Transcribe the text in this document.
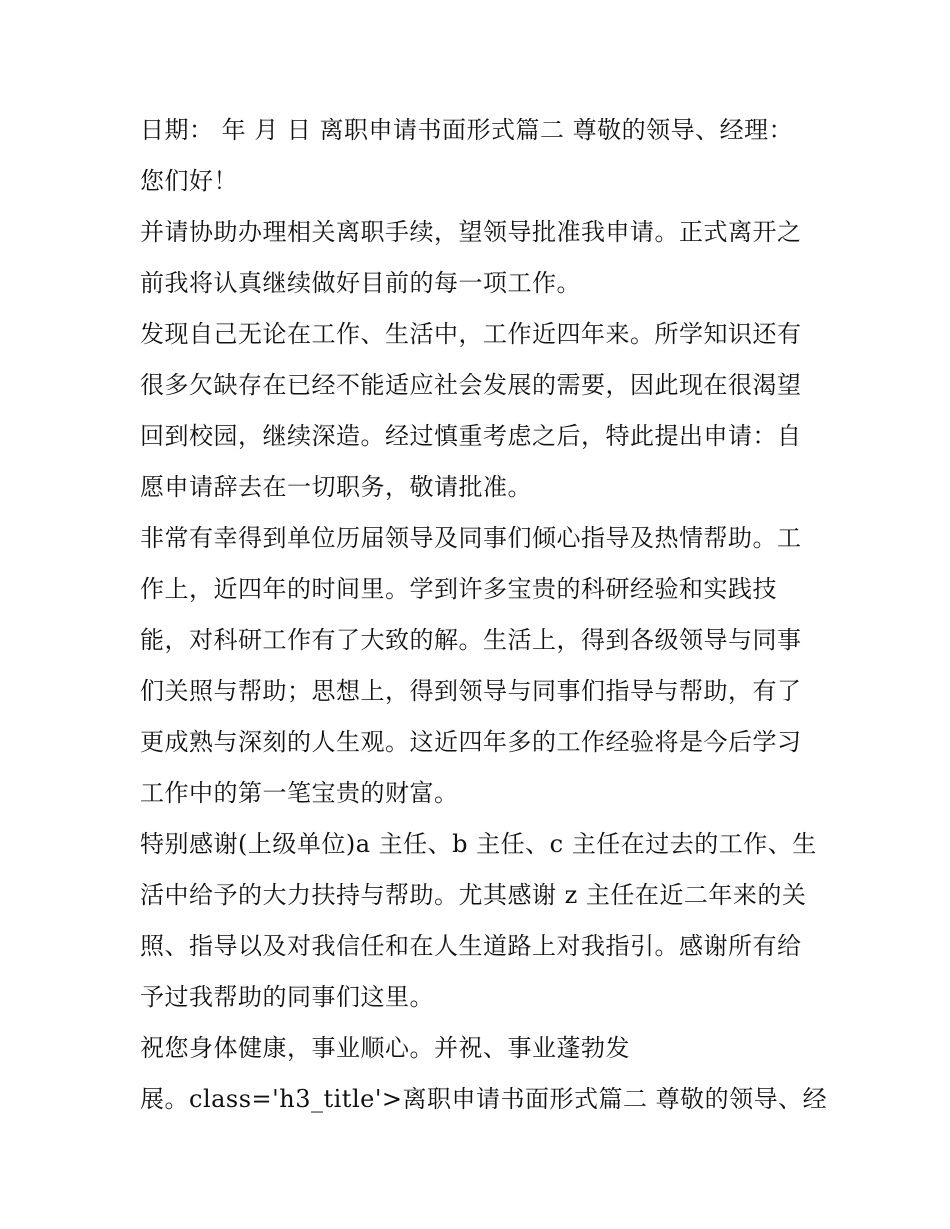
日期： 年 月 日 离职申请书面形式篇二 尊敬的领导、经理：
您们好！
并请协助办理相关离职手续，望领导批准我申请。正式离开之
前我将认真继续做好目前的每一项工作。
发现自己无论在工作、生活中，工作近四年来。所学知识还有
很多欠缺存在已经不能适应社会发展的需要，因此现在很渴望
回到校园，继续深造。经过慎重考虑之后，特此提出申请：自
愿申请辞去在一切职务，敬请批准。
非常有幸得到单位历届领导及同事们倾心指导及热情帮助。工
作上，近四年的时间里。学到许多宝贵的科研经验和实践技
能，对科研工作有了大致的解。生活上，得到各级领导与同事
们关照与帮助；思想上，得到领导与同事们指导与帮助，有了
更成熟与深刻的人生观。这近四年多的工作经验将是今后学习
工作中的第一笔宝贵的财富。
特别感谢(上级单位)a 主任、b 主任、c 主任在过去的工作、生
活中给予的大力扶持与帮助。尤其感谢 z 主任在近二年来的关
照、指导以及对我信任和在人生道路上对我指引。感谢所有给
予过我帮助的同事们这里。
祝您身体健康，事业顺心。并祝、事业蓬勃发
展。class='h3_title'>离职申请书面形式篇二 尊敬的领导、经
